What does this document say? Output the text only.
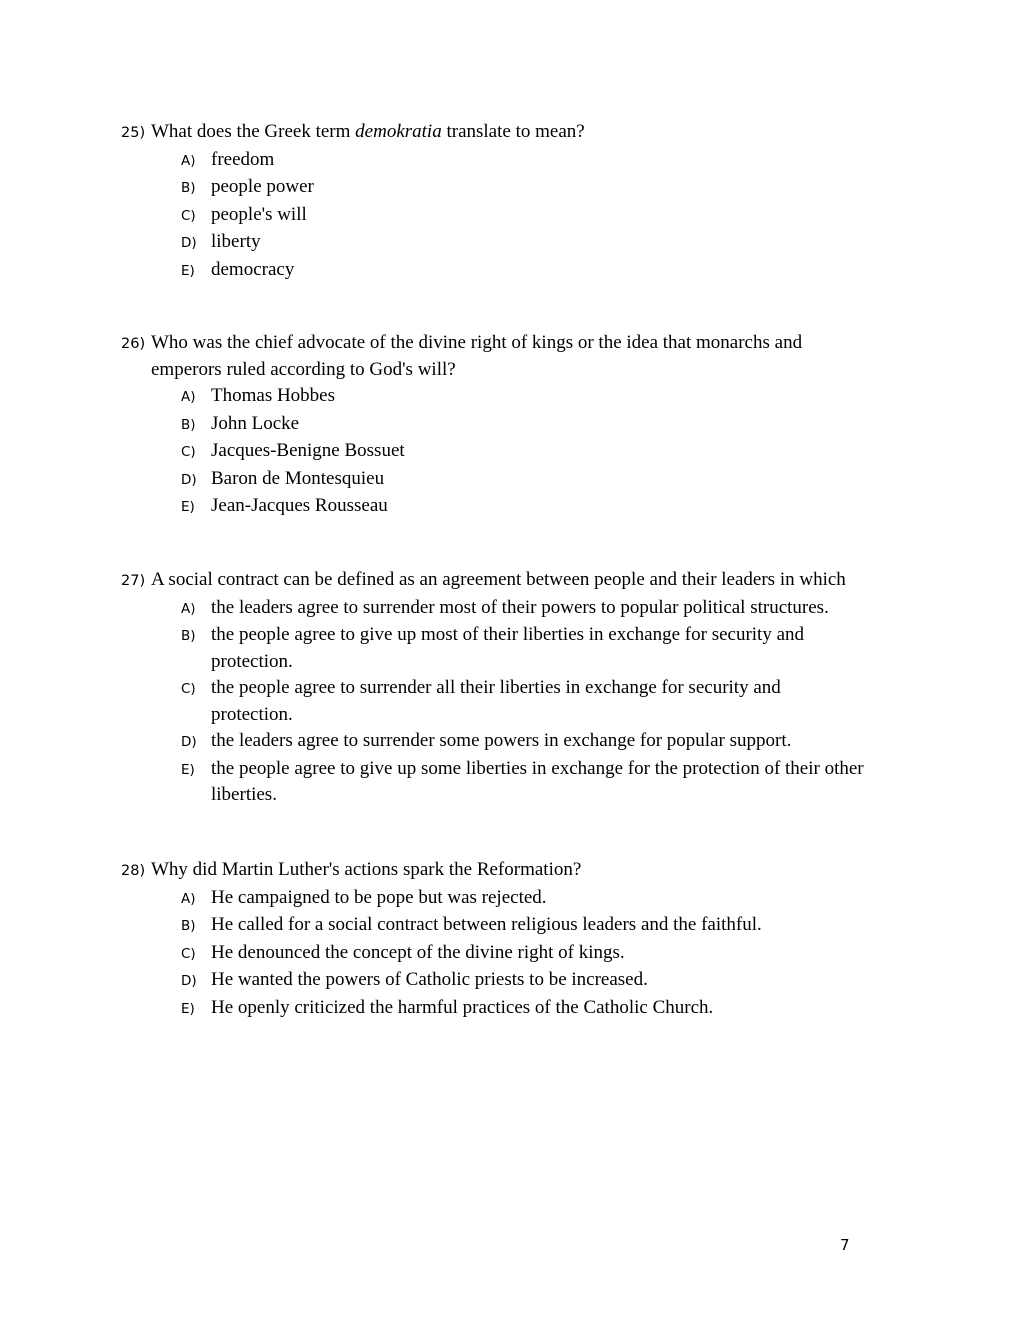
25) What does the Greek term demokratia translate to mean?
A) freedom
B) people power
C) people's will
D) liberty
E) democracy
26) Who was the chief advocate of the divine right of kings or the idea that monarchs and emperors ruled according to God's will?
A) Thomas Hobbes
B) John Locke
C) Jacques-Benigne Bossuet
D) Baron de Montesquieu
E) Jean-Jacques Rousseau
27) A social contract can be defined as an agreement between people and their leaders in which
A) the leaders agree to surrender most of their powers to popular political structures.
B) the people agree to give up most of their liberties in exchange for security and protection.
C) the people agree to surrender all their liberties in exchange for security and protection.
D) the leaders agree to surrender some powers in exchange for popular support.
E) the people agree to give up some liberties in exchange for the protection of their other liberties.
28) Why did Martin Luther's actions spark the Reformation?
A) He campaigned to be pope but was rejected.
B) He called for a social contract between religious leaders and the faithful.
C) He denounced the concept of the divine right of kings.
D) He wanted the powers of Catholic priests to be increased.
E) He openly criticized the harmful practices of the Catholic Church.
7
